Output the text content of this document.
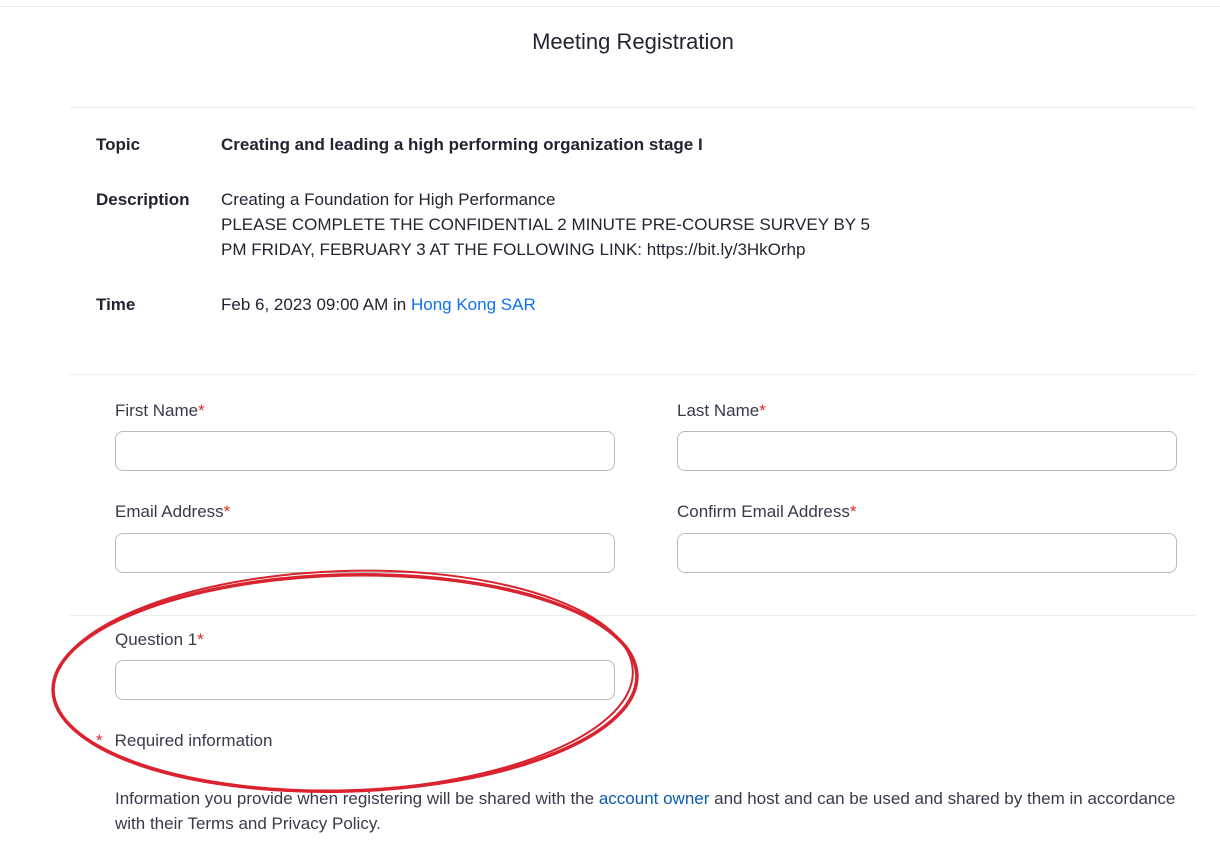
Meeting Registration
Topic	Creating and leading a high performing organization stage I
Description Creating a Foundation for High Performance
PLEASE COMPLETE THE CONFIDENTIAL 2 MINUTE PRE-COURSE SURVEY BY 5
PM FRIDAY, FEBRUARY 3 AT THE FOLLOWING LINK: https://bit.ly/3HkOrhp
Time	Feb 6, 2023 09:00 AM in Hong Kong SAR
First Name*	Last Name*
Email Address*	Confirm Email Address*
Question 1*
* Required information
Information you provide when registering will be shared with the account owner and host and can be used and shared by them in accordance with their Terms and Privacy Policy.
